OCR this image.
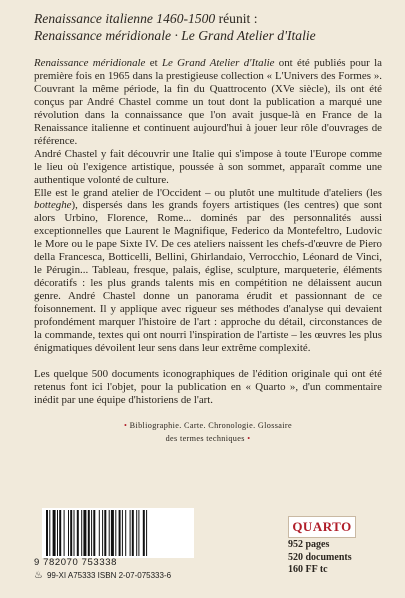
Renaissance italienne 1460-1500 réunit :
Renaissance méridionale · Le Grand Atelier d'Italie

Renaissance méridionale et Le Grand Atelier d'Italie ont été publiés pour la première fois en 1965 dans la prestigieuse collection « L'Univers des Formes ». Couvrant la même période, la fin du Quattrocento (XVe siècle), ils ont été conçus par André Chastel comme un tout dont la publication a marqué une révolution dans la connaissance que l'on avait jusque-là en France de la Renaissance italienne et continuent aujourd'hui à jouer leur rôle d'ouvrages de référence.

André Chastel y fait découvrir une Italie qui s'impose à toute l'Europe comme le lieu où l'exigence artistique, poussée à son sommet, apparaît comme une authentique volonté de culture.

Elle est le grand atelier de l'Occident – ou plutôt une multitude d'ateliers (les botteghe), dispersés dans les grands foyers artistiques (les centres) que sont alors Urbino, Florence, Rome... dominés par des personnalités aussi exceptionnelles que Laurent le Magnifique, Federico da Montefeltro, Ludovic le More ou le pape Sixte IV. De ces ateliers naissent les chefs-d'œuvre de Piero della Francesca, Botticelli, Bellini, Ghirlandaio, Verrocchio, Léonard de Vinci, le Pérugin... Tableau, fresque, palais, église, sculpture, marqueterie, éléments décoratifs : les plus grands talents mis en compétition ne délaissent aucun genre. André Chastel donne un panorama érudit et passionnant de ce foisonnement. Il y applique avec rigueur ses méthodes d'analyse qui devaient profondément marquer l'histoire de l'art : approche du détail, circonstances de la commande, textes qui ont nourri l'inspiration de l'artiste – les œuvres les plus énigmatiques dévoilent leur sens dans leur extrême complexité.

Les quelque 500 documents iconographiques de l'édition originale qui ont été retenus font ici l'objet, pour la publication en « Quarto », d'un commentaire inédit par une équipe d'historiens de l'art.
• Bibliographie. Carte. Chronologie. Glossaire
des termes techniques •
9 782070 753338
♨ 99-XI A75333 ISBN 2-07-075333-6
QUARTO
952 pages
520 documents
160 FF tc
